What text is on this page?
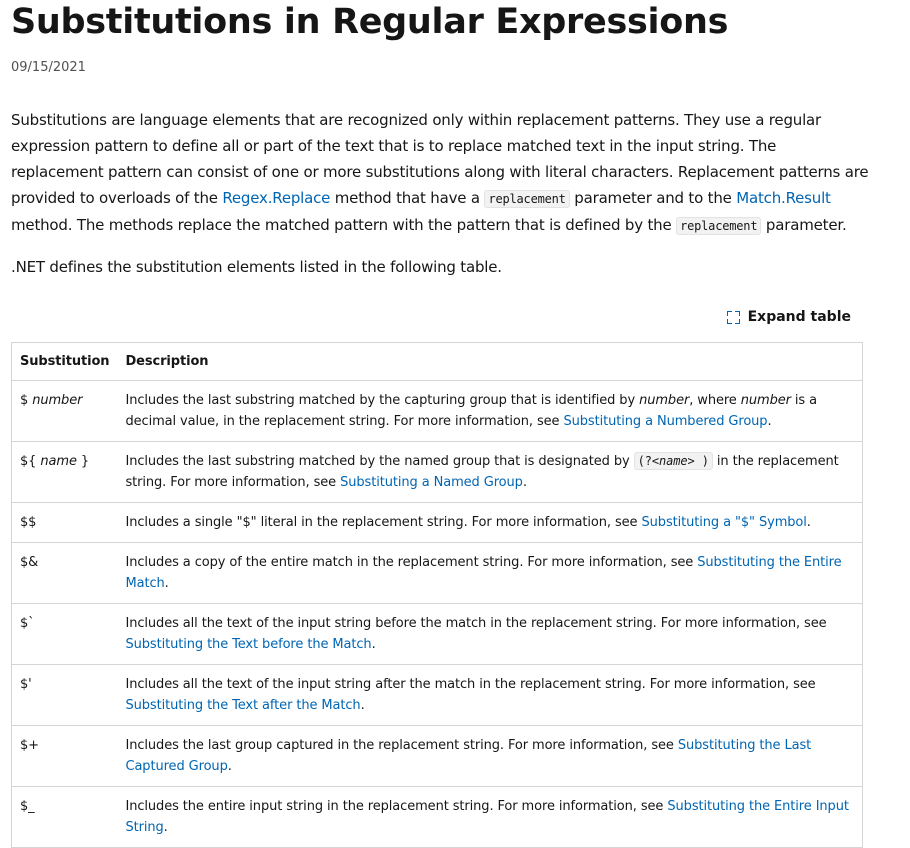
Substitutions in Regular Expressions
09/15/2021

Substitutions are language elements that are recognized only within replacement patterns. They use a regular expression pattern to define all or part of the text that is to replace matched text in the input string. The replacement pattern can consist of one or more substitutions along with literal characters. Replacement patterns are provided to overloads of the Regex.Replace method that have a replacement parameter and to the Match.Result method. The methods replace the matched pattern with the pattern that is defined by the replacement parameter.

.NET defines the substitution elements listed in the following table.

Expand table
Substitution	Description
$ number	Includes the last substring matched by the capturing group that is identified by number, where number is a decimal value, in the replacement string. For more information, see Substituting a Numbered Group.
${ name }	Includes the last substring matched by the named group that is designated by (?<name> ) in the replacement string. For more information, see Substituting a Named Group.
$$	Includes a single "$" literal in the replacement string. For more information, see Substituting a "$" Symbol.
$&	Includes a copy of the entire match in the replacement string. For more information, see Substituting the Entire Match.
$`	Includes all the text of the input string before the match in the replacement string. For more information, see Substituting the Text before the Match.
$'	Includes all the text of the input string after the match in the replacement string. For more information, see Substituting the Text after the Match.
$+	Includes the last group captured in the replacement string. For more information, see Substituting the Last Captured Group.
$_	Includes the entire input string in the replacement string. For more information, see Substituting the Entire Input String.
